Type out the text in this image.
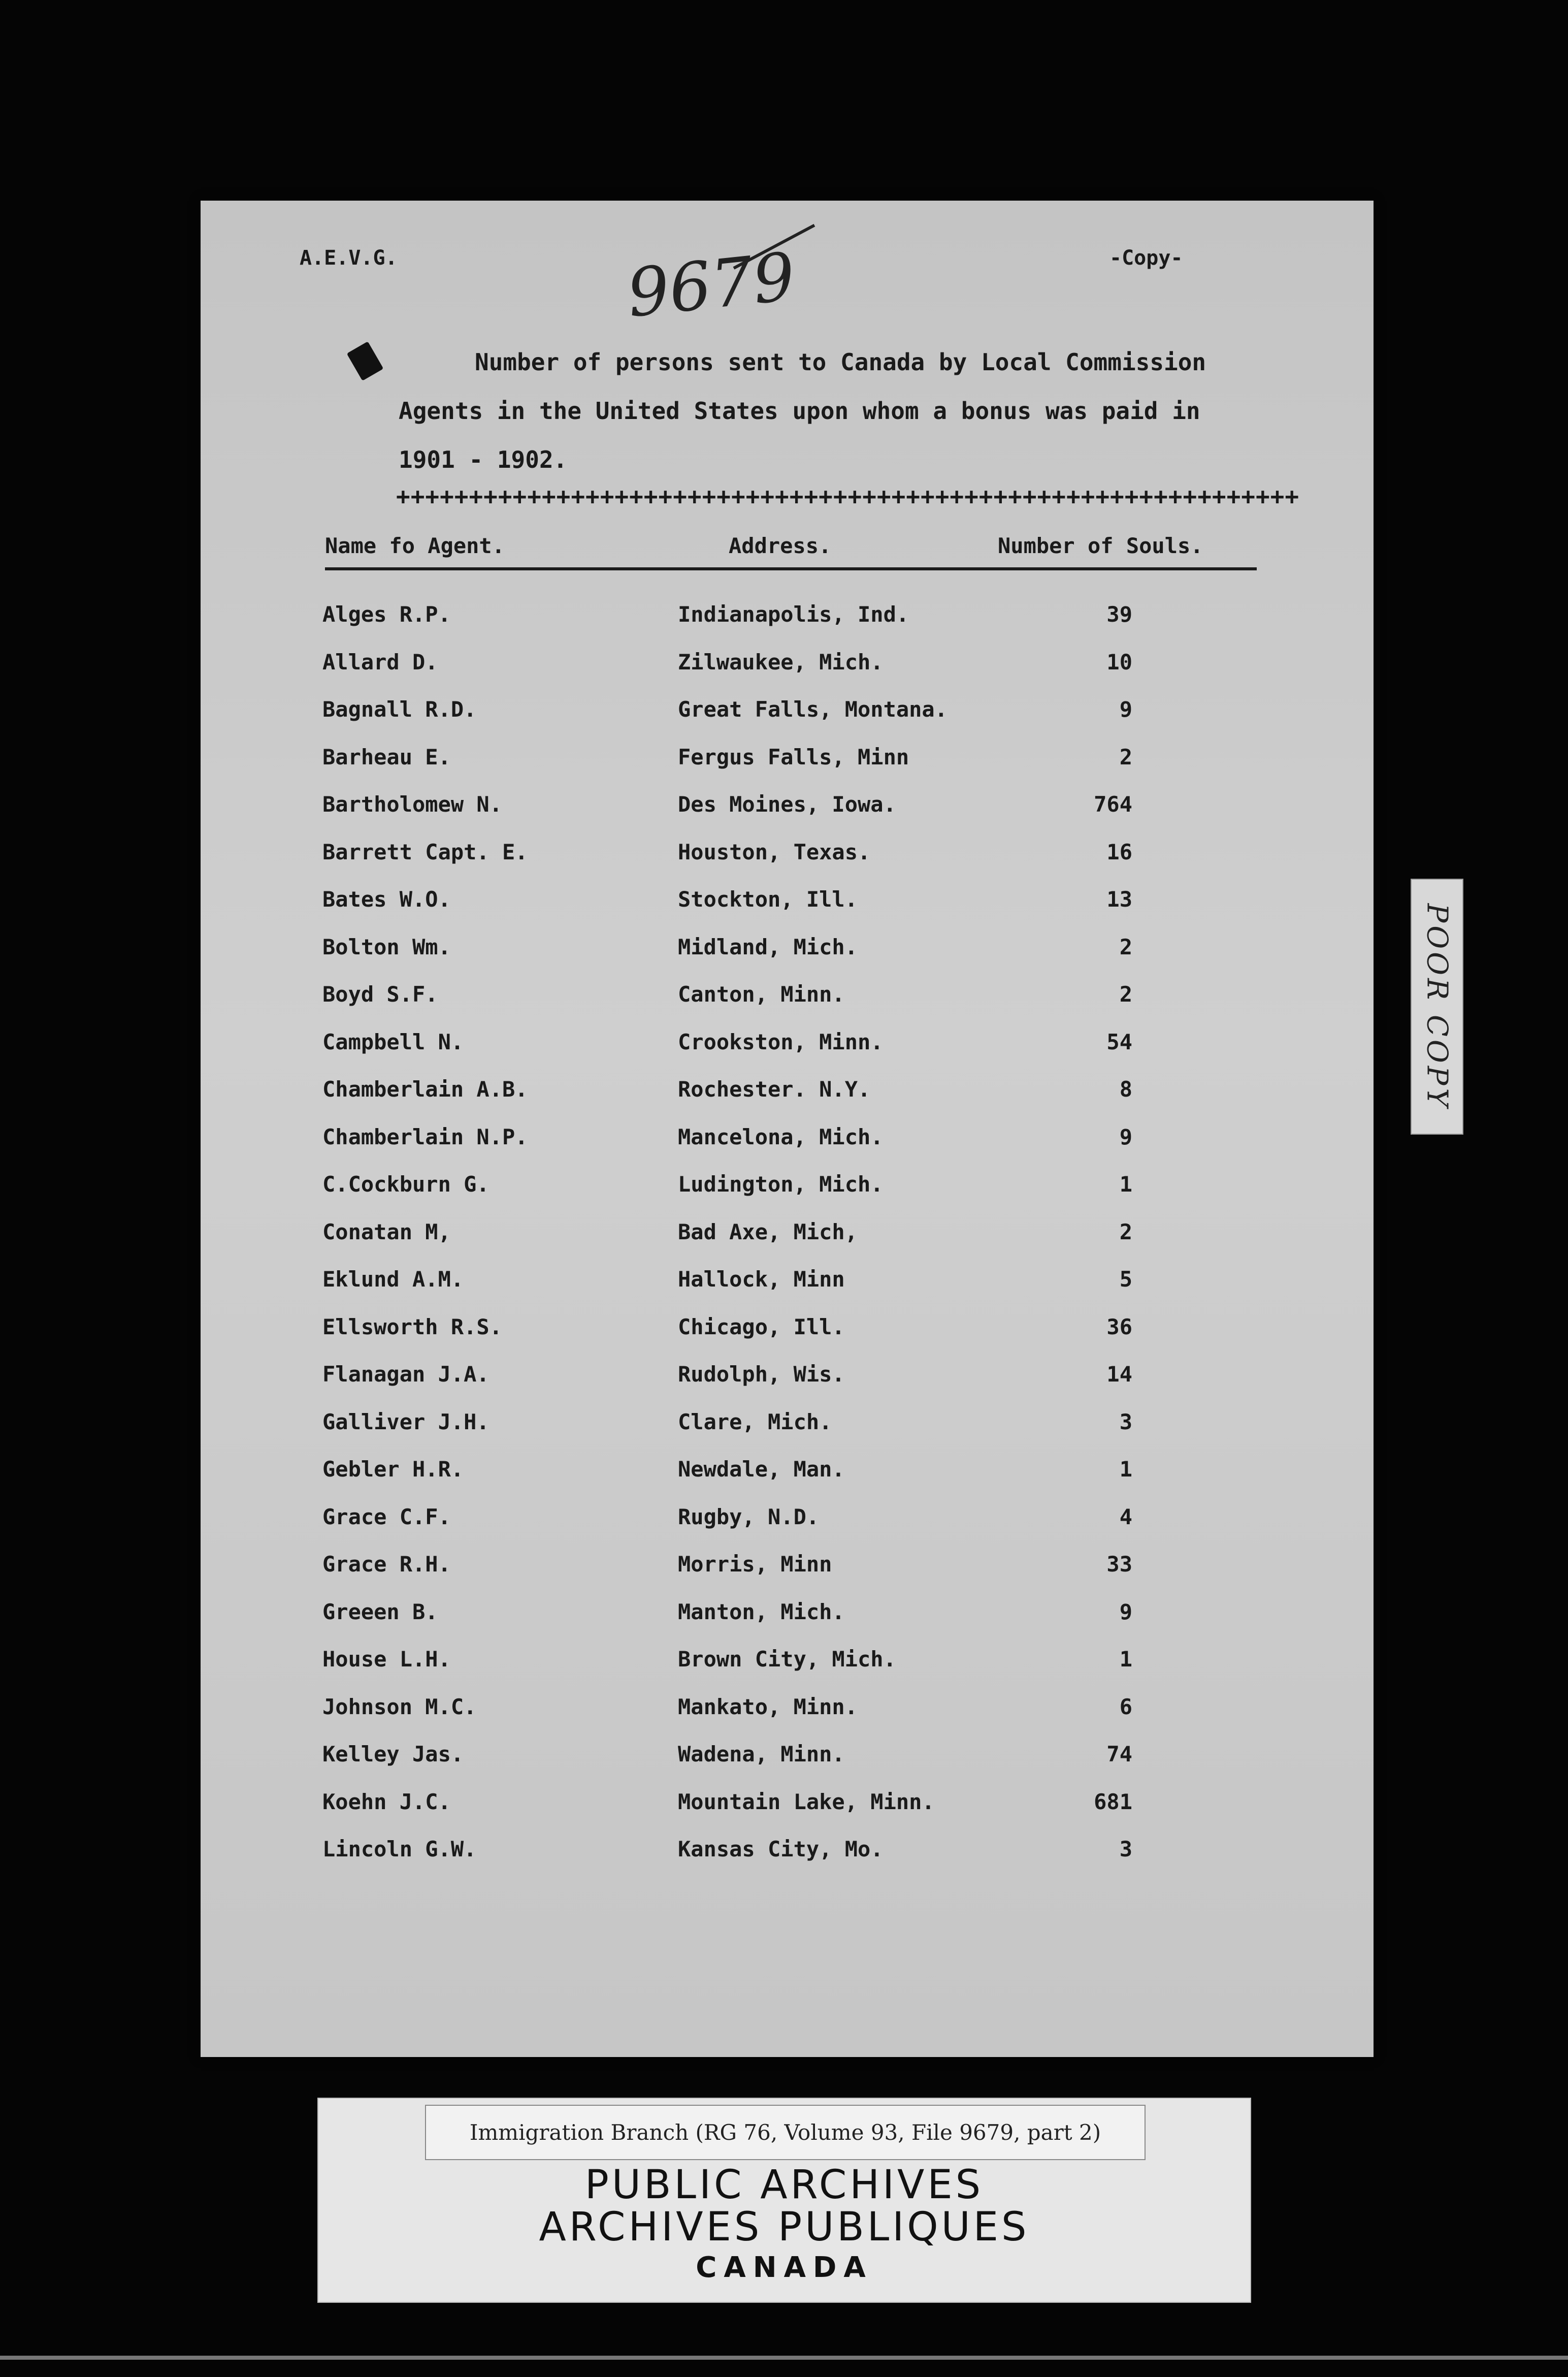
A.E.V.G.	-Copy-
9679

Number of persons sent to Canada by Local Commission

Agents in the United States upon whom a bonus was paid in

1901 - 1902.

++++++++++++++++++++++++++++++++++++++++++++++++++++++++++++++
Name fo Agent.	Address.	Number of Souls.
Alges R.P.	Indianapolis, Ind.	39
Allard D.	Zilwaukee, Mich.	10
Bagnall R.D.	Great Falls, Montana.	9
Barheau E.	Fergus Falls, Minn	2
Bartholomew N.	Des Moines, Iowa.	764
Barrett Capt. E.	Houston, Texas.	16
Bates W.O.	Stockton, Ill.	13
Bolton Wm.	Midland, Mich.	2
Boyd S.F.	Canton, Minn.	2
Campbell N.	Crookston, Minn.	54
Chamberlain A.B.	Rochester. N.Y.	8
Chamberlain N.P.	Mancelona, Mich.	9
C.Cockburn G.	Ludington, Mich.	1
Conatan M,	Bad Axe, Mich,	2
Eklund A.M.	Hallock, Minn	5
Ellsworth R.S.	Chicago, Ill.	36
Flanagan J.A.	Rudolph, Wis.	14
Galliver J.H.	Clare, Mich.	3
Gebler H.R.	Newdale, Man.	1
Grace C.F.	Rugby, N.D.	4
Grace R.H.	Morris, Minn	33
Greeen B.	Manton, Mich.	9
House L.H.	Brown City, Mich.	1
Johnson M.C.	Mankato, Minn.	6
Kelley Jas.	Wadena, Minn.	74
Koehn J.C.	Mountain Lake, Minn.	681
Lincoln G.W.	Kansas City, Mo.	3
POOR COPY
Immigration Branch (RG 76, Volume 93, File 9679, part 2)
PUBLIC ARCHIVES
ARCHIVES PUBLIQUES
CANADA
